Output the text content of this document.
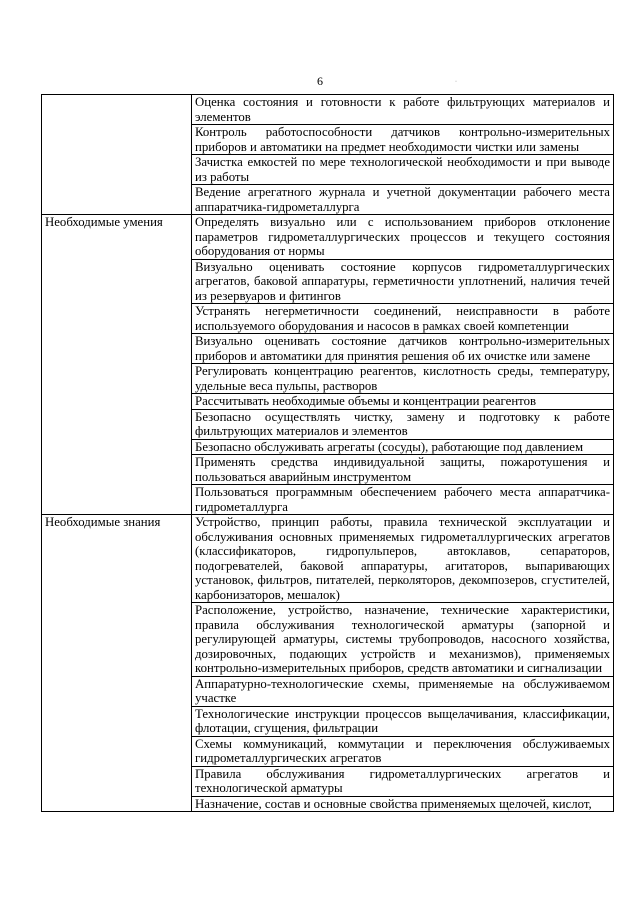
6	·
	Оценка состояния и готовности к работе фильтрующих материалов и элементов
	Контроль работоспособности датчиков контрольно-измерительных приборов и автоматики на предмет необходимости чистки или замены
	Зачистка емкостей по мере технологической необходимости и при выводе из работы
	Ведение агрегатного журнала и учетной документации рабочего места аппаратчика-гидрометаллурга
Необходимые умения	Определять визуально или с использованием приборов отклонение параметров гидрометаллургических процессов и текущего состояния оборудования от нормы
	Визуально оценивать состояние корпусов гидрометаллургических агрегатов, баковой аппаратуры, герметичности уплотнений, наличия течей из резервуаров и фитингов
	Устранять негерметичности соединений, неисправности в работе используемого оборудования и насосов в рамках своей компетенции
	Визуально оценивать состояние датчиков контрольно-измерительных приборов и автоматики для принятия решения об их очистке или замене
	Регулировать концентрацию реагентов, кислотность среды, температуру, удельные веса пульпы, растворов
	Рассчитывать необходимые объемы и концентрации реагентов
	Безопасно осуществлять чистку, замену и подготовку к работе фильтрующих материалов и элементов
	Безопасно обслуживать агрегаты (сосуды), работающие под давлением
	Применять средства индивидуальной защиты, пожаротушения и пользоваться аварийным инструментом
	Пользоваться программным обеспечением рабочего места аппаратчика-гидрометаллурга
Необходимые знания	Устройство, принцип работы, правила технической эксплуатации и обслуживания основных применяемых гидрометаллургических агрегатов (классификаторов, гидропульперов, автоклавов, сепараторов, подогревателей, баковой аппаратуры, агитаторов, выпаривающих установок, фильтров, питателей, перколяторов, декомпозеров, сгустителей, карбонизаторов, мешалок)
	Расположение, устройство, назначение, технические характеристики, правила обслуживания технологической арматуры (запорной и регулирующей арматуры, системы трубопроводов, насосного хозяйства, дозировочных, подающих устройств и механизмов), применяемых контрольно-измерительных приборов, средств автоматики и сигнализации
	Аппаратурно-технологические схемы, применяемые на обслуживаемом участке
	Технологические инструкции процессов выщелачивания, классификации, флотации, сгущения, фильтрации
	Схемы коммуникаций, коммутации и переключения обслуживаемых гидрометаллургических агрегатов
	Правила обслуживания гидрометаллургических агрегатов и технологической арматуры
	Назначение, состав и основные свойства применяемых щелочей, кислот,
